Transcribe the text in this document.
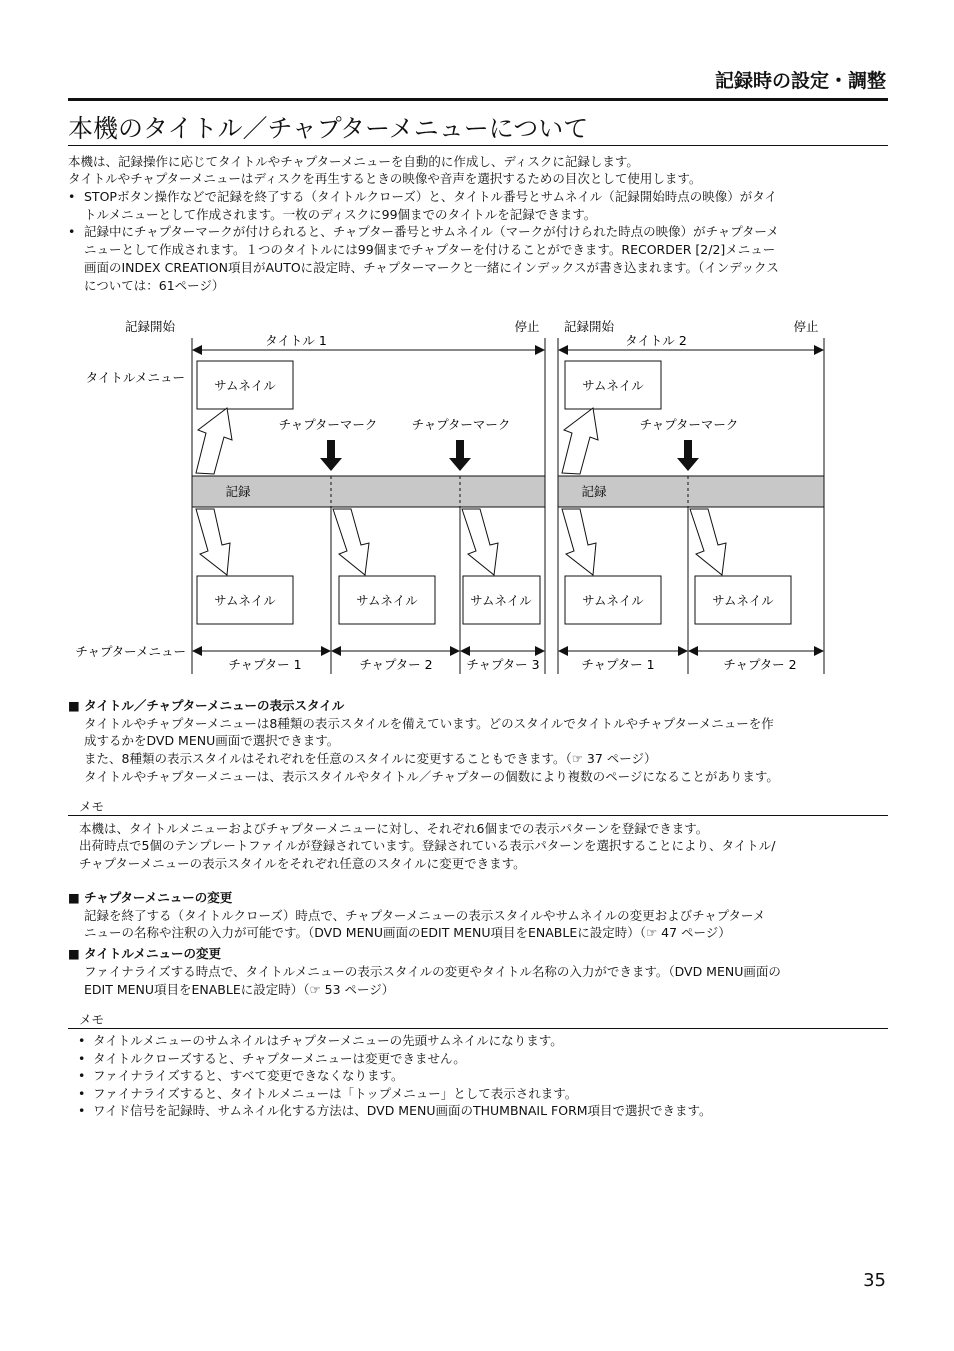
記録時の設定・調整
本機のタイトル／チャプターメニューについて
本機は、記録操作に応じてタイトルやチャプターメニューを自動的に作成し、ディスクに記録します。
タイトルやチャプターメニューはディスクを再生するときの映像や音声を選択するための目次として使用します。
• STOPボタン操作などで記録を終了する（タイトルクローズ）と、タイトル番号とサムネイル（記録開始時点の映像）がタイ
トルメニューとして作成されます。一枚のディスクに99個までのタイトルを記録できます。
• 記録中にチャプターマークが付けられると、チャプター番号とサムネイル（マークが付けられた時点の映像）がチャプターメ
ニューとして作成されます。１つのタイトルには99個までチャプターを付けることができます。RECORDER [2/2]メニュー
画面のINDEX CREATION項目がAUTOに設定時、チャプターマークと一緒にインデックスが書き込まれます。（インデックス
については：61ページ）
記録開始	停止 記録開始	停止
タイトル 1	タイトル 2
タイトルメニュー
チャプターメニュー
サムネイル	サムネイル
記録	記録
チャプターマーク	チャプターマーク	チャプターマーク
サムネイル	サムネイル	サムネイル	サムネイル	サムネイル
チャプター 1	チャプター 2	チャプター 3	チャプター 1	チャプター 2
■ タイトル／チャプターメニューの表示スタイル
タイトルやチャプターメニューは8種類の表示スタイルを備えています。どのスタイルでタイトルやチャプターメニューを作
成するかをDVD MENU画面で選択できます。
また、8種類の表示スタイルはそれぞれを任意のスタイルに変更することもできます。（☞ 37 ページ）
タイトルやチャプターメニューは、表示スタイルやタイトル／チャプターの個数により複数のページになることがあります。
メモ
本機は、タイトルメニューおよびチャプターメニューに対し、それぞれ6個までの表示パターンを登録できます。
出荷時点で5個のテンプレートファイルが登録されています。登録されている表示パターンを選択することにより、タイトル/
チャプターメニューの表示スタイルをそれぞれ任意のスタイルに変更できます。
■ チャプターメニューの変更
記録を終了する（タイトルクローズ）時点で、チャプターメニューの表示スタイルやサムネイルの変更およびチャプターメ
ニューの名称や注釈の入力が可能です。（DVD MENU画面のEDIT MENU項目をENABLEに設定時）（☞ 47 ページ）
■ タイトルメニューの変更
ファイナライズする時点で、タイトルメニューの表示スタイルの変更やタイトル名称の入力ができます。（DVD MENU画面の
EDIT MENU項目をENABLEに設定時）（☞ 53 ページ）
メモ
• タイトルメニューのサムネイルはチャプターメニューの先頭サムネイルになります。
• タイトルクローズすると、チャプターメニューは変更できません。
• ファイナライズすると、すべて変更できなくなります。
• ファイナライズすると、タイトルメニューは「トップメニュー」として表示されます。
• ワイド信号を記録時、サムネイル化する方法は、DVD MENU画面のTHUMBNAIL FORM項目で選択できます。
35
